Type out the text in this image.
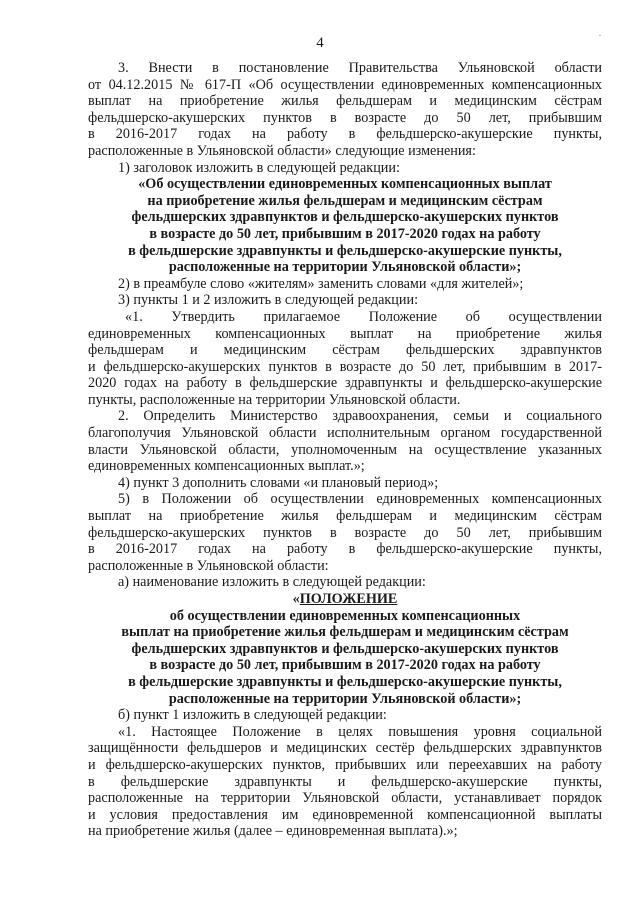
4	·

3. Внести в постановление Правительства Ульяновской области

от 04.12.2015 № 617-П «Об осуществлении единовременных компенсационных

выплат на приобретение жилья фельдшерам и медицинским сёстрам

фельдшерско-акушерских пунктов в возрасте до 50 лет, прибывшим

в 2016-2017 годах на работу в фельдшерско-акушерские пункты,

расположенные в Ульяновской области» следующие изменения:

1) заголовок изложить в следующей редакции:

«Об осуществлении единовременных компенсационных выплат

на приобретение жилья фельдшерам и медицинским сёстрам

фельдшерских здравпунктов и фельдшерско-акушерских пунктов

в возрасте до 50 лет, прибывшим в 2017-2020 годах на работу

в фельдшерские здравпункты и фельдшерско-акушерские пункты,

расположенные на территории Ульяновской области»;

2) в преамбуле слово «жителям» заменить словами «для жителей»;

3) пункты 1 и 2 изложить в следующей редакции:

«1. Утвердить прилагаемое Положение об осуществлении

единовременных компенсационных выплат на приобретение жилья

фельдшерам и медицинским сёстрам фельдшерских здравпунктов

и фельдшерско-акушерских пунктов в возрасте до 50 лет, прибывшим в 2017-

2020 годах на работу в фельдшерские здравпункты и фельдшерско-акушерские

пункты, расположенные на территории Ульяновской области.

2. Определить Министерство здравоохранения, семьи и социального

благополучия Ульяновской области исполнительным органом государственной

власти Ульяновской области, уполномоченным на осуществление указанных

единовременных компенсационных выплат.»;

4) пункт 3 дополнить словами «и плановый период»;

5) в Положении об осуществлении единовременных компенсационных

выплат на приобретение жилья фельдшерам и медицинским сёстрам

фельдшерско-акушерских пунктов в возрасте до 50 лет, прибывшим

в 2016-2017 годах на работу в фельдшерско-акушерские пункты,

расположенные в Ульяновской области:

а) наименование изложить в следующей редакции:

«ПОЛОЖЕНИЕ

об осуществлении единовременных компенсационных

выплат на приобретение жилья фельдшерам и медицинским сёстрам

фельдшерских здравпунктов и фельдшерско-акушерских пунктов

в возрасте до 50 лет, прибывшим в 2017-2020 годах на работу

в фельдшерские здравпункты и фельдшерско-акушерские пункты,

расположенные на территории Ульяновской области»;

б) пункт 1 изложить в следующей редакции:

«1. Настоящее Положение в целях повышения уровня социальной

защищённости фельдшеров и медицинских сестёр фельдшерских здравпунктов

и фельдшерско-акушерских пунктов, прибывших или переехавших на работу

в фельдшерские здравпункты и фельдшерско-акушерские пункты,

расположенные на территории Ульяновской области, устанавливает порядок

и условия предоставления им единовременной компенсационной выплаты

на приобретение жилья (далее – единовременная выплата).»;
